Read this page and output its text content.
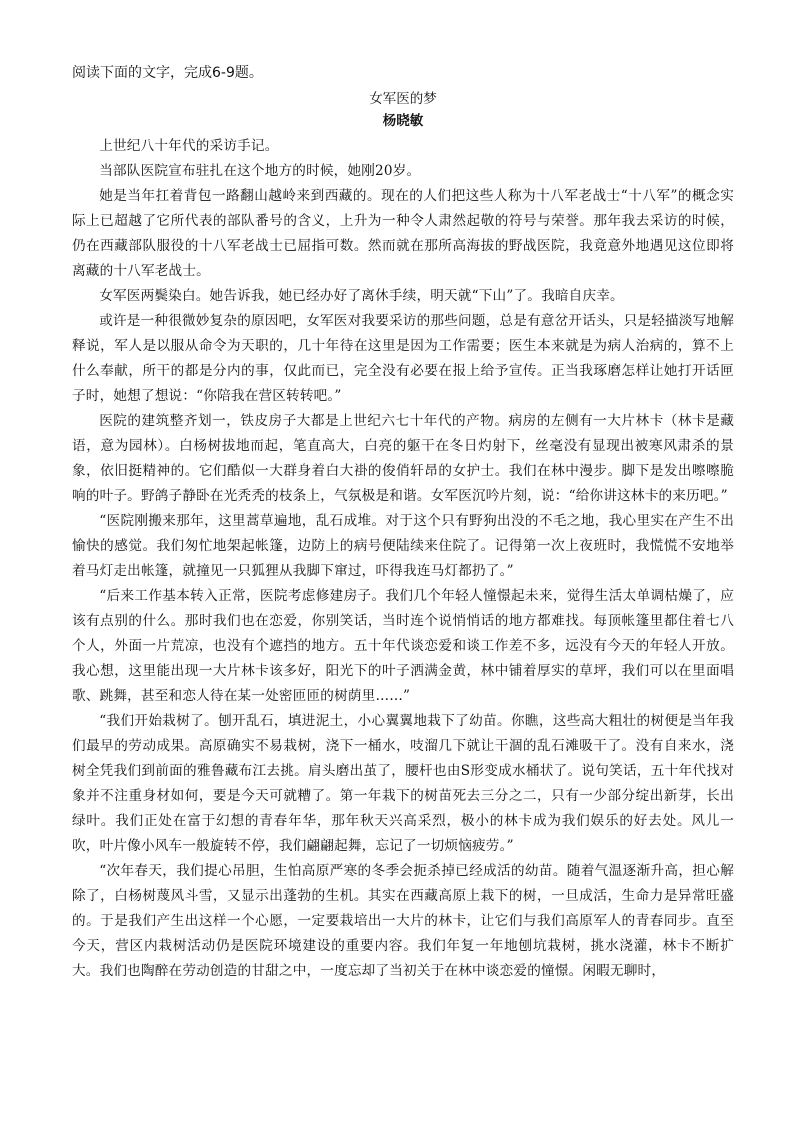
阅读下面的文字，完成6-9题。

女军医的梦

杨晓敏

上世纪八十年代的采访手记。

当部队医院宣布驻扎在这个地方的时候，她刚20岁。

她是当年扛着背包一路翻山越岭来到西藏的。现在的人们把这些人称为十八军老战士“十八军”的概念实际上已超越了它所代表的部队番号的含义，上升为一种令人肃然起敬的符号与荣誉。那年我去采访的时候，仍在西藏部队服役的十八军老战士已屈指可数。然而就在那所高海拔的野战医院，我竟意外地遇见这位即将离藏的十八军老战士。

女军医两鬓染白。她告诉我，她已经办好了离休手续，明天就“下山”了。我暗自庆幸。

或许是一种很微妙复杂的原因吧，女军医对我要采访的那些问题，总是有意岔开话头，只是轻描淡写地解释说，军人是以服从命令为天职的，几十年待在这里是因为工作需要；医生本来就是为病人治病的，算不上什么奉献，所干的都是分内的事，仅此而已，完全没有必要在报上给予宣传。正当我琢磨怎样让她打开话匣子时，她想了想说：“你陪我在营区转转吧。”

医院的建筑整齐划一，铁皮房子大都是上世纪六七十年代的产物。病房的左侧有一大片林卡（林卡是藏语，意为园林）。白杨树拔地而起，笔直高大，白亮的躯干在冬日灼射下，丝毫没有显现出被寒风肃杀的景象，依旧挺精神的。它们酷似一大群身着白大褂的俊俏轩昂的女护士。我们在林中漫步。脚下是发出嚓嚓脆响的叶子。野鸽子静卧在光秃秃的枝条上，气氛极是和谐。女军医沉吟片刻，说：“给你讲这林卡的来历吧。”

“医院刚搬来那年，这里蒿草遍地，乱石成堆。对于这个只有野狗出没的不毛之地，我心里实在产生不出愉快的感觉。我们匆忙地架起帐篷，边防上的病号便陆续来住院了。记得第一次上夜班时，我慌慌不安地举着马灯走出帐篷，就撞见一只狐狸从我脚下窜过，吓得我连马灯都扔了。”

“后来工作基本转入正常，医院考虑修建房子。我们几个年轻人憧憬起未来，觉得生活太单调枯燥了，应该有点别的什么。那时我们也在恋爱，你别笑话，当时连个说悄悄话的地方都难找。每顶帐篷里都住着七八个人，外面一片荒凉，也没有个遮挡的地方。五十年代谈恋爱和谈工作差不多，远没有今天的年轻人开放。我心想，这里能出现一大片林卡该多好，阳光下的叶子洒满金黄，林中铺着厚实的草坪，我们可以在里面唱歌、跳舞，甚至和恋人待在某一处密匝匝的树荫里……”

“我们开始栽树了。刨开乱石，填进泥土，小心翼翼地栽下了幼苗。你瞧，这些高大粗壮的树便是当年我们最早的劳动成果。高原确实不易栽树，浇下一桶水，吱溜几下就让干涸的乱石滩吸干了。没有自来水，浇树全凭我们到前面的雅鲁藏布江去挑。肩头磨出茧了，腰杆也由S形变成水桶状了。说句笑话，五十年代找对象并不注重身材如何，要是今天可就糟了。第一年栽下的树苗死去三分之二，只有一少部分绽出新芽，长出绿叶。我们正处在富于幻想的青春年华，那年秋天兴高采烈，极小的林卡成为我们娱乐的好去处。风儿一吹，叶片像小风车一般旋转不停，我们翩翩起舞，忘记了一切烦恼疲劳。”

“次年春天，我们提心吊胆，生怕高原严寒的冬季会扼杀掉已经成活的幼苗。随着气温逐渐升高，担心解除了，白杨树蔑风斗雪，又显示出蓬勃的生机。其实在西藏高原上栽下的树，一旦成活，生命力是异常旺盛的。于是我们产生出这样一个心愿，一定要栽培出一大片的林卡，让它们与我们高原军人的青春同步。直至今天，营区内栽树活动仍是医院环境建设的重要内容。我们年复一年地刨坑栽树，挑水浇灌，林卡不断扩大。我们也陶醉在劳动创造的甘甜之中，一度忘却了当初关于在林中谈恋爱的憧憬。闲暇无聊时，
